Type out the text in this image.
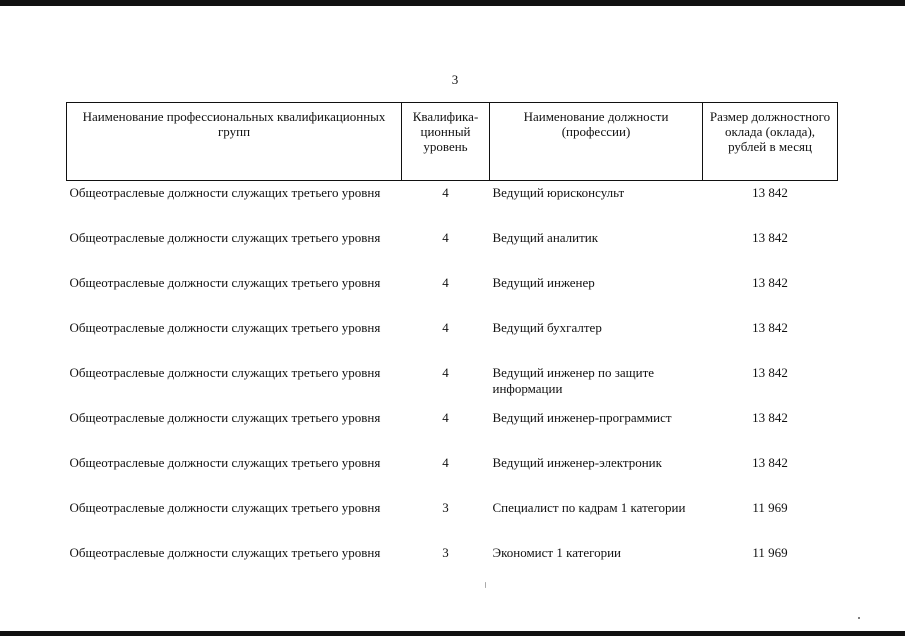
3
Наименование профессиональных квалификационных групп	Квалифика-ционный уровень	Наименование должности (профессии)	Размер должностного оклада (оклада), рублей в месяц
Общеотраслевые должности служащих третьего уровня	4	Ведущий юрисконсульт	13 842
Общеотраслевые должности служащих третьего уровня	4	Ведущий аналитик	13 842
Общеотраслевые должности служащих третьего уровня	4	Ведущий инженер	13 842
Общеотраслевые должности служащих третьего уровня	4	Ведущий бухгалтер	13 842
Общеотраслевые должности служащих третьего уровня	4	Ведущий инженер по защите информации	13 842
Общеотраслевые должности служащих третьего уровня	4	Ведущий инженер-программист	13 842
Общеотраслевые должности служащих третьего уровня	4	Ведущий инженер-электроник	13 842
Общеотраслевые должности служащих третьего уровня	3	Специалист по кадрам 1 категории	11 969
Общеотраслевые должности служащих третьего уровня	3	Экономист 1 категории	11 969
